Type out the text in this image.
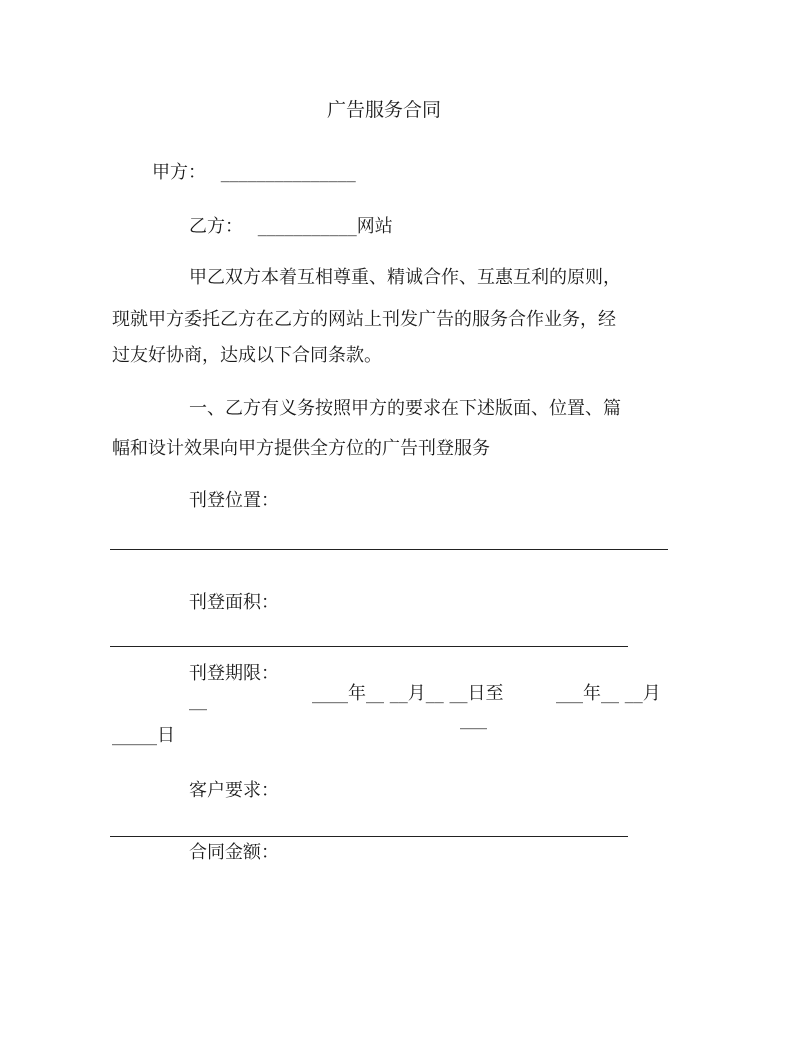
广告服务合同

甲方：　 _______________

乙方：　 ___________网站

甲乙双方本着互相尊重、精诚合作、互惠互利的原则，

现就甲方委托乙方在乙方的网站上刊发广告的服务合作业务，经

过友好协商，达成以下合同条款。

一、乙方有义务按照甲方的要求在下述版面、位置、篇

幅和设计效果向甲方提供全方位的广告刊登服务

刊登位置：

刊登面积：

刊登期限：

__	____年__ __月__ __日至

___

___年__ __月

_____日

客户要求：

合同金额：
